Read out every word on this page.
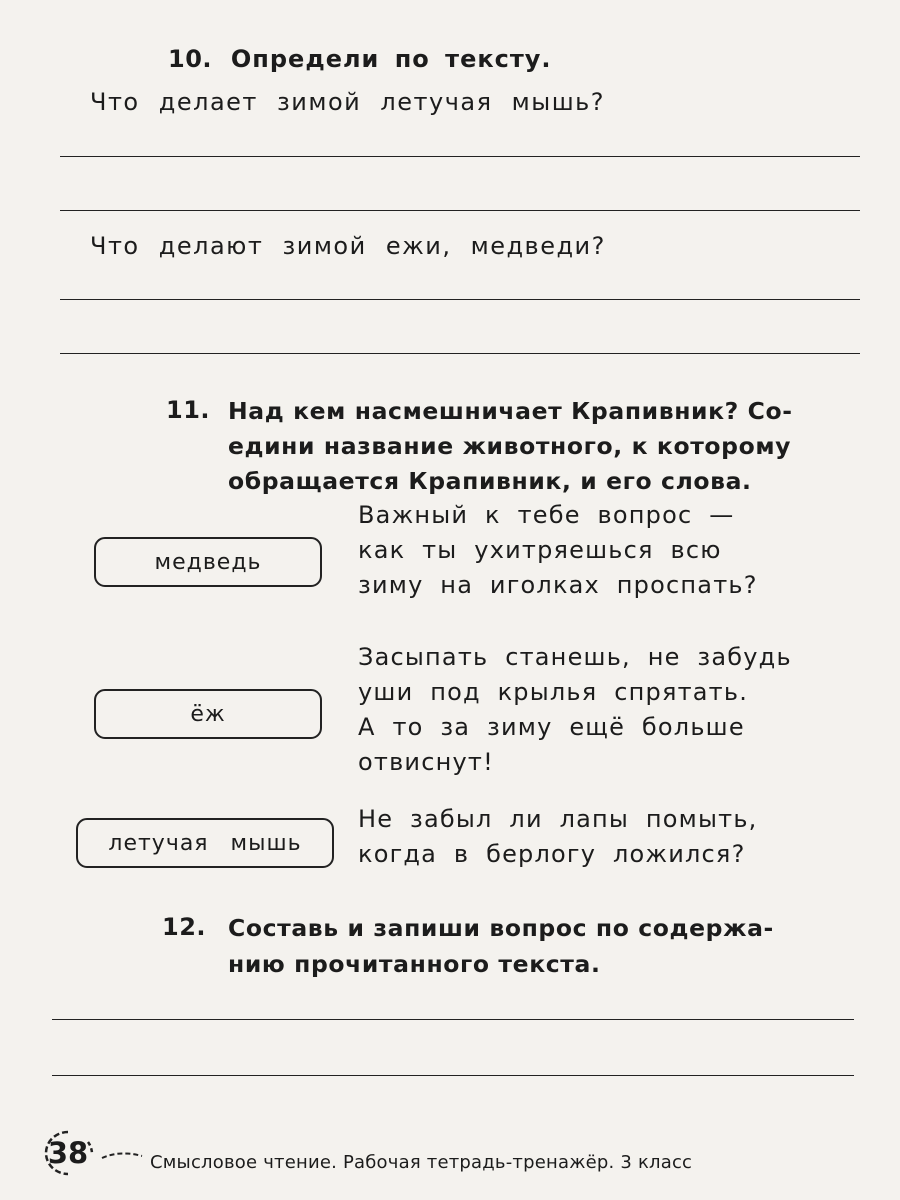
10. Определи по тексту.
Что делает зимой летучая мышь?
Что делают зимой ежи, медведи?
11. Над кем насмешничает Крапивник? Со-
едини название животного, к которому
обращается Крапивник, и его слова.
медведь
ёж
летучая мышь
Важный к тебе вопрос —
как ты ухитряешься всю
зиму на иголках проспать?
Засыпать станешь, не забудь
уши под крылья спрятать.
А то за зиму ещё больше
отвиснут!
Не забыл ли лапы помыть,
когда в берлогу ложился?
12. Составь и запиши вопрос по содержа-
нию прочитанного текста.
38	Смысловое чтение. Рабочая тетрадь-тренажёр. 3 класс
